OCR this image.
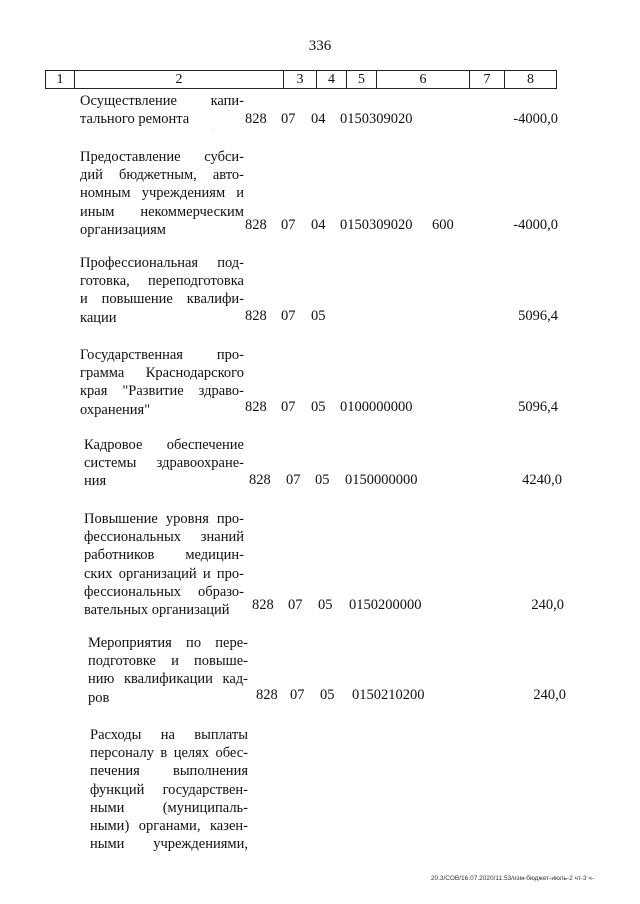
336
1	2	3	4	5	6	7	8
Осуществление капи-
тального ремонта
·
828 07 04 0150309020	-4000,0
Предоставление субси-
дий бюджетным, авто-
номным учреждениям и
иным некоммерческим
организациям	828 07 04 0150309020 600	-4000,0
Профессиональная под-
готовка, переподготовка
и повышение квалифи-
кации	828 07 05	5096,4
Государственная про-
грамма Краснодарского
края "Развитие здраво-
охранения"	828 07 05 0100000000	5096,4
Кадровое обеспечение
системы здравоохране-
ния	828 07 05 0150000000	4240,0
Повышение уровня про-
фессиональных знаний
работников медицин-
ских организаций и про-
фессиональных образо-
вательных организаций	828 07 05 0150200000	240,0
Мероприятия по пере-
подготовке и повыше-
нию квалификации кад-
ров	828 07 05 0150210200	240,0
Расходы на выплаты
персоналу в целях обес-
печения выполнения
функций государствен-
ными (муниципаль-
ными) органами, казен-
ными учреждениями,
20.3/СОВ/16.07.2020/11:53/изм-бюджет-июль-2 чт-3 ч-
